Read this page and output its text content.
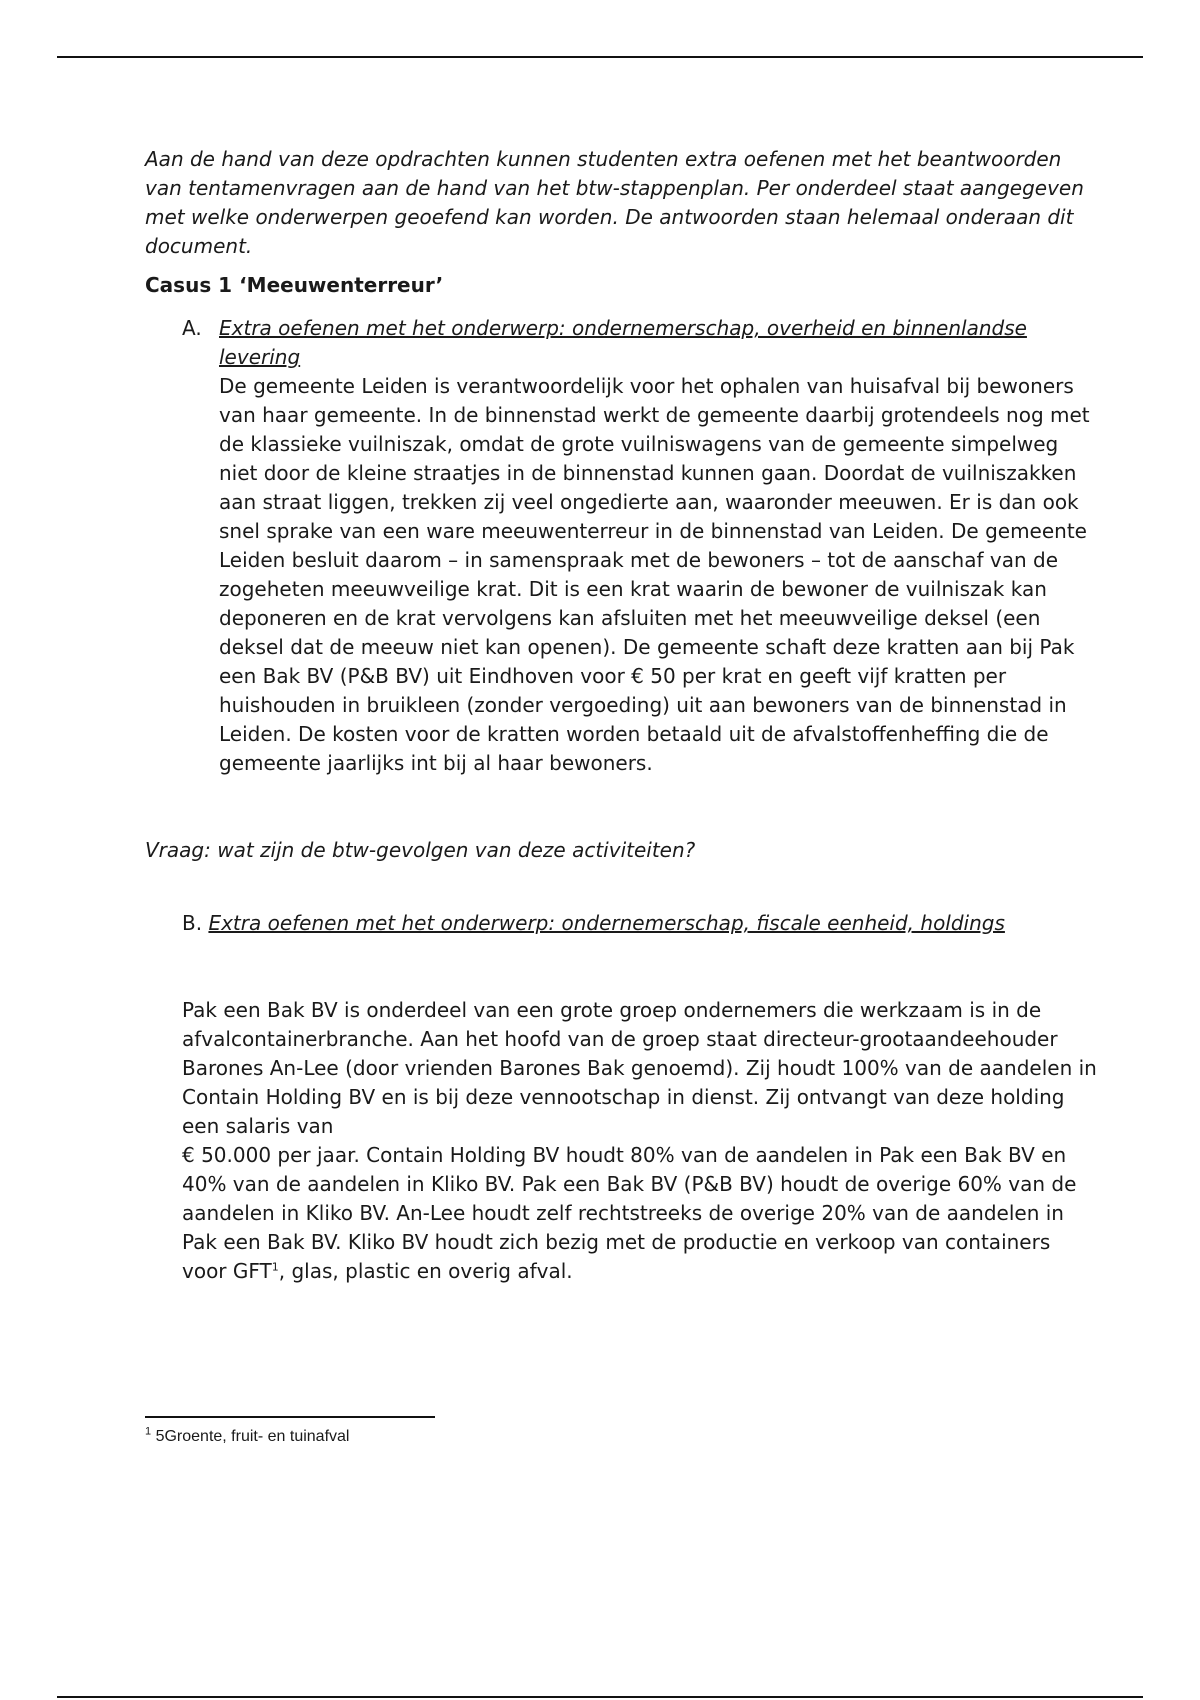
Aan de hand van deze opdrachten kunnen studenten extra oefenen met het beantwoorden van tentamenvragen aan de hand van het btw-stappenplan. Per onderdeel staat aangegeven met welke onderwerpen geoefend kan worden. De antwoorden staan helemaal onderaan dit document.

Casus 1 ‘Meeuwenterreur’

A. Extra oefenen met het onderwerp: ondernemerschap, overheid en binnenlandse levering

De gemeente Leiden is verantwoordelijk voor het ophalen van huisafval bij bewoners van haar gemeente. In de binnenstad werkt de gemeente daarbij grotendeels nog met de klassieke vuilniszak, omdat de grote vuilniswagens van de gemeente simpelweg niet door de kleine straatjes in de binnenstad kunnen gaan. Doordat de vuilniszakken aan straat liggen, trekken zij veel ongedierte aan, waaronder meeuwen. Er is dan ook snel sprake van een ware meeuwenterreur in de binnenstad van Leiden. De gemeente Leiden besluit daarom – in samenspraak met de bewoners – tot de aanschaf van de zogeheten meeuwveilige krat. Dit is een krat waarin de bewoner de vuilniszak kan deponeren en de krat vervolgens kan afsluiten met het meeuwveilige deksel (een deksel dat de meeuw niet kan openen). De gemeente schaft deze kratten aan bij Pak een Bak BV (P&B BV) uit Eindhoven voor € 50 per krat en geeft vijf kratten per huishouden in bruikleen (zonder vergoeding) uit aan bewoners van de binnenstad in Leiden. De kosten voor de kratten worden betaald uit de afvalstoffenheffing die de gemeente jaarlijks int bij al haar bewoners.

Vraag: wat zijn de btw-gevolgen van deze activiteiten?

B. Extra oefenen met het onderwerp: ondernemerschap, fiscale eenheid, holdings

Pak een Bak BV is onderdeel van een grote groep ondernemers die werkzaam is in de afvalcontainerbranche. Aan het hoofd van de groep staat directeur-grootaandeehouder Barones An-Lee (door vrienden Barones Bak genoemd). Zij houdt 100% van de aandelen in Contain Holding BV en is bij deze vennootschap in dienst. Zij ontvangt van deze holding een salaris van

€ 50.000 per jaar. Contain Holding BV houdt 80% van de aandelen in Pak een Bak BV en 40% van de aandelen in Kliko BV. Pak een Bak BV (P&B BV) houdt de overige 60% van de aandelen in Kliko BV. An-Lee houdt zelf rechtstreeks de overige 20% van de aandelen in Pak een Bak BV. Kliko BV houdt zich bezig met de productie en verkoop van containers voor GFT$^1$, glas, plastic en overig afval.

$^1$ 5Groente, fruit- en tuinafval
